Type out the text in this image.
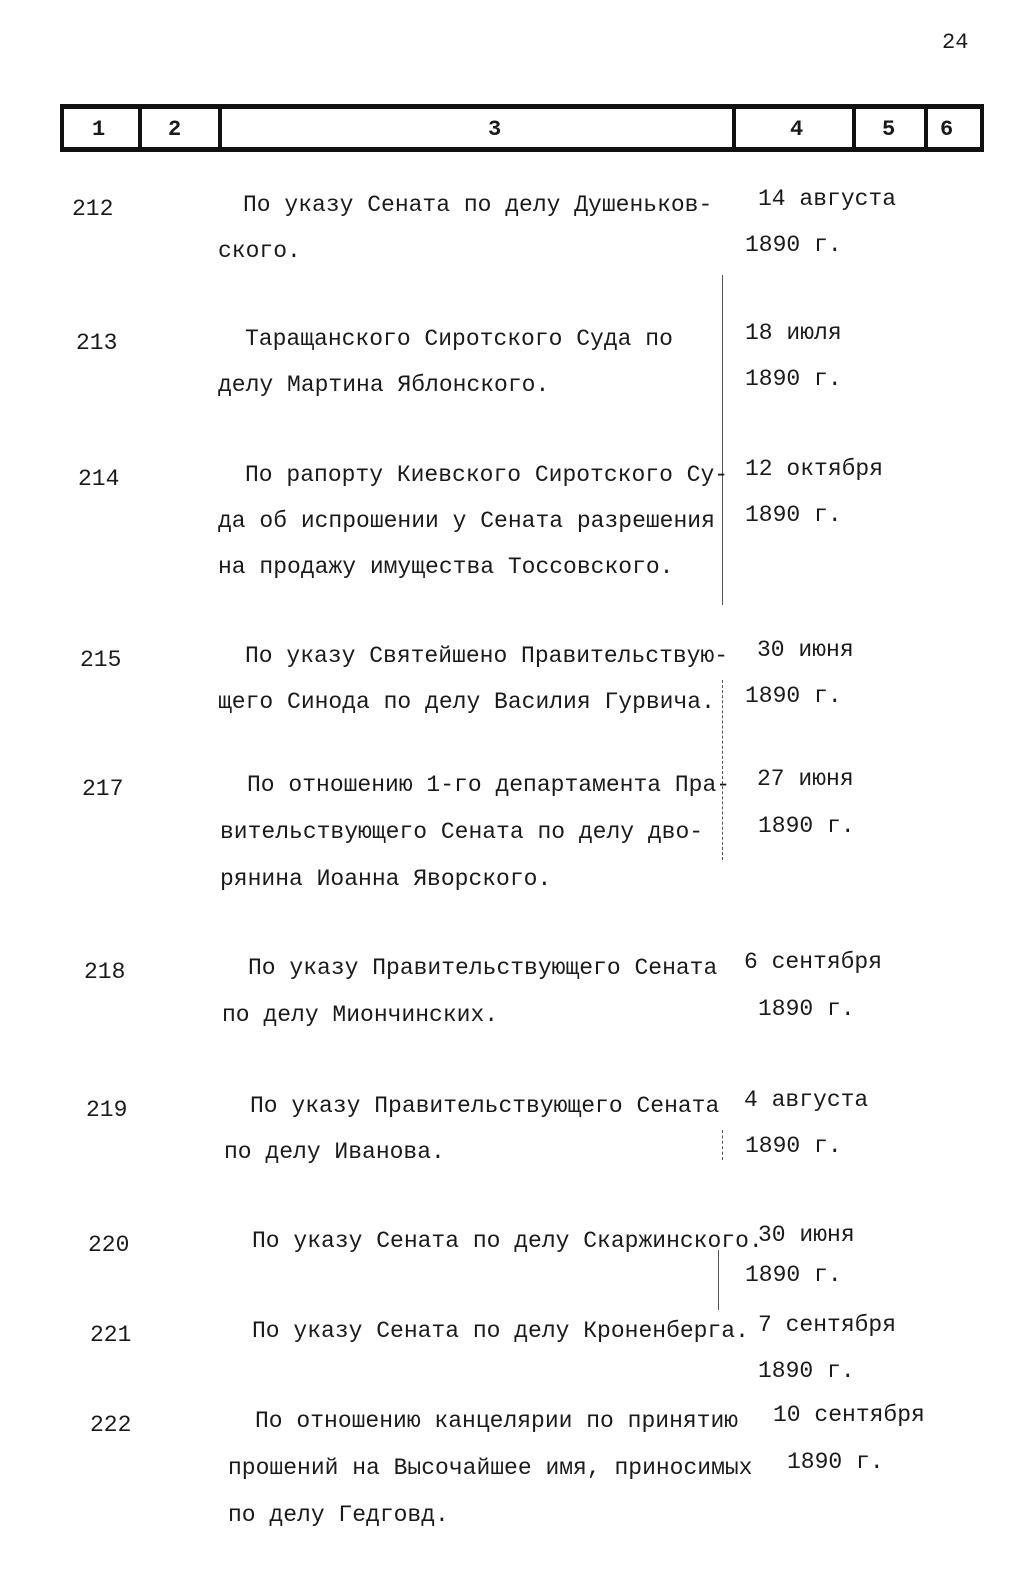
24
1	2	3	4	5 6
212	По указу Сената по делу Душеньков-
ского.
14 августа
1890 г.
213	Таращанского Сиротского Суда по
делу Мартина Яблонского.
18 июля
1890 г.
214	По рапорту Киевского Сиротского Су-
да об испрошении у Сената разрешения
на продажу имущества Тоссовского.
12 октября
1890 г.
215	По указу Святейшено Правительствую-
щего Синода по делу Василия Гурвича.
30 июня
1890 г.
217	По отношению 1-го департамента Пра-
вительствующего Сената по делу дво-
рянина Иоанна Яворского.
27 июня
1890 г.
218	По указу Правительствующего Сената
по делу Миончинских.
6 сентября
1890 г.
219	По указу Правительствующего Сената
по делу Иванова.
4 августа
1890 г.
220	По указу Сената по делу Скаржинского.
30 июня
1890 г.
221	По указу Сената по делу Кроненберга. 7 сентября
1890 г.
222	По отношению канцелярии по принятию
прошений на Высочайшее имя, приносимых
по делу Гедговд.
10 сентября
1890 г.
